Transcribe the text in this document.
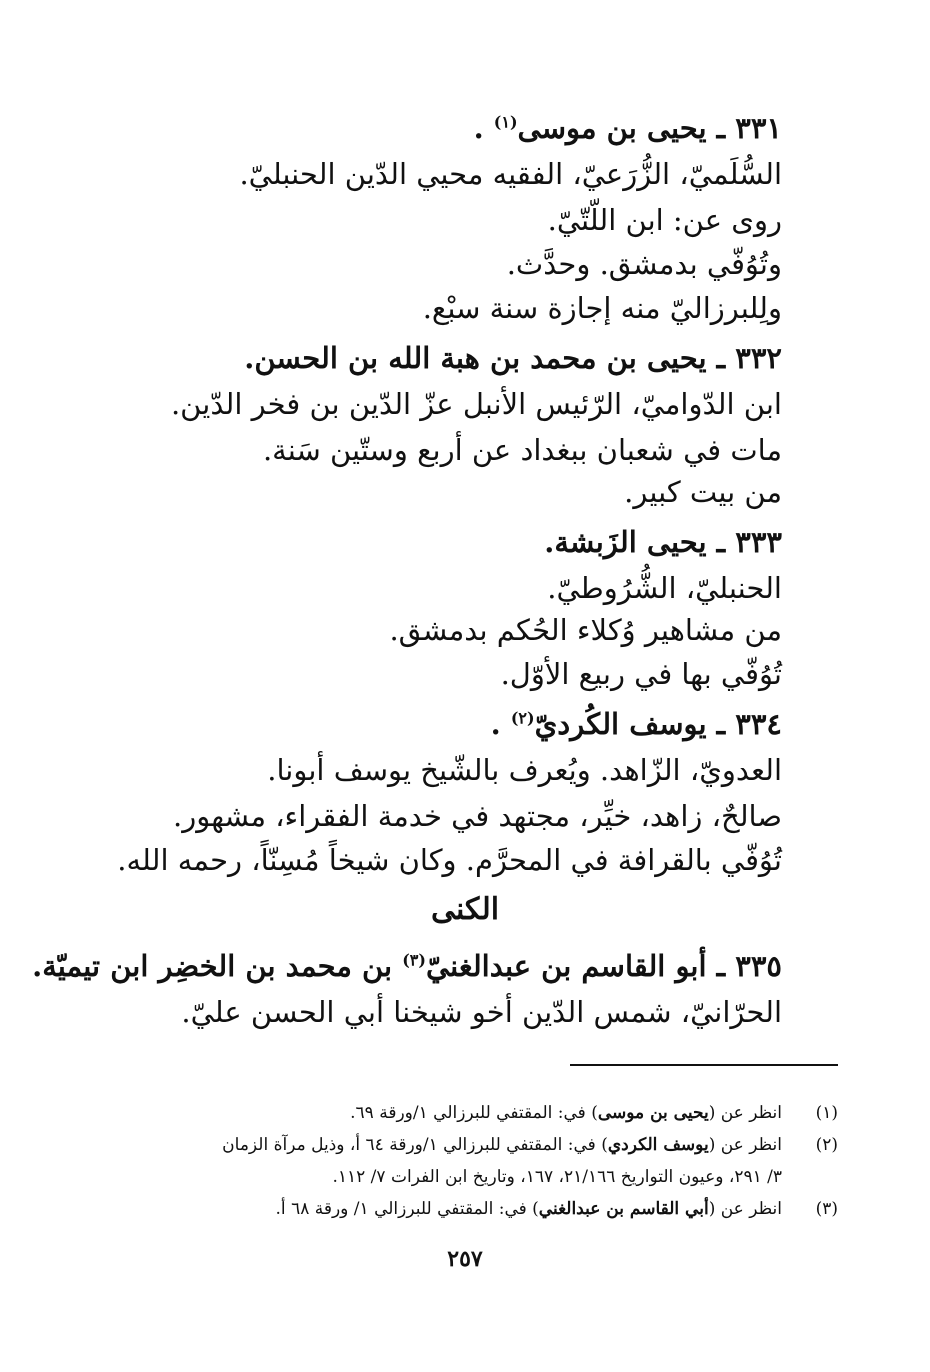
٣٣١ ـ يحيى بن موسى$^{(١)}$ .
السُّلَميّ، الزُّرَعيّ، الفقيه محيي الدّين الحنبليّ.
روى عن: ابن اللّتّيّ.
وتُوُفّي بدمشق. وحدَّث.
ولِلبرزاليّ منه إجازة سنة سبْع.
٣٣٢ ـ يحيى بن محمد بن هبة الله بن الحسن.
ابن الدّواميّ، الرّئيس الأنبل عزّ الدّين بن فخر الدّين.
مات في شعبان ببغداد عن أربع وستّين سَنة.
من بيت كبير.
٣٣٣ ـ يحيى الزَبشة.
الحنبليّ، الشُّرُوطيّ.
من مشاهير وُكلاء الحُكم بدمشق.
تُوُفّي بها في ربيع الأوّل.
٣٣٤ ـ يوسف الكُرديّ$^{(٢)}$ .
العدويّ، الزّاهد. ويُعرف بالشّيخ يوسف أبونا.
صالحٌ، زاهد، خيِّر، مجتهد في خدمة الفقراء، مشهور.
تُوُفّي بالقرافة في المحرَّم. وكان شيخاً مُسِنّاً، رحمه الله.
الكنى
٣٣٥ ـ أبو القاسم بن عبدالغنيّ$^{(٣)}$ بن محمد بن الخضِر ابن تيميّة.
الحرّانيّ، شمس الدّين أخو شيخنا أبي الحسن عليّ.
(١)انظر عن (يحيى بن موسى) في: المقتفي للبرزالي ١/ورقة ٦٩.
(٢)انظر عن (يوسف الكردي) في: المقتفي للبرزالي ١/ورقة ٦٤ أ، وذيل مرآة الزمان
٣/ ٢٩١، وعيون التواريخ ٢١/١٦٦، ١٦٧، وتاريخ ابن الفرات ٧/ ١١٢.
(٣)انظر عن (أبي القاسم بن عبدالغني) في: المقتفي للبرزالي ١/ ورقة ٦٨ أ.
٢٥٧
